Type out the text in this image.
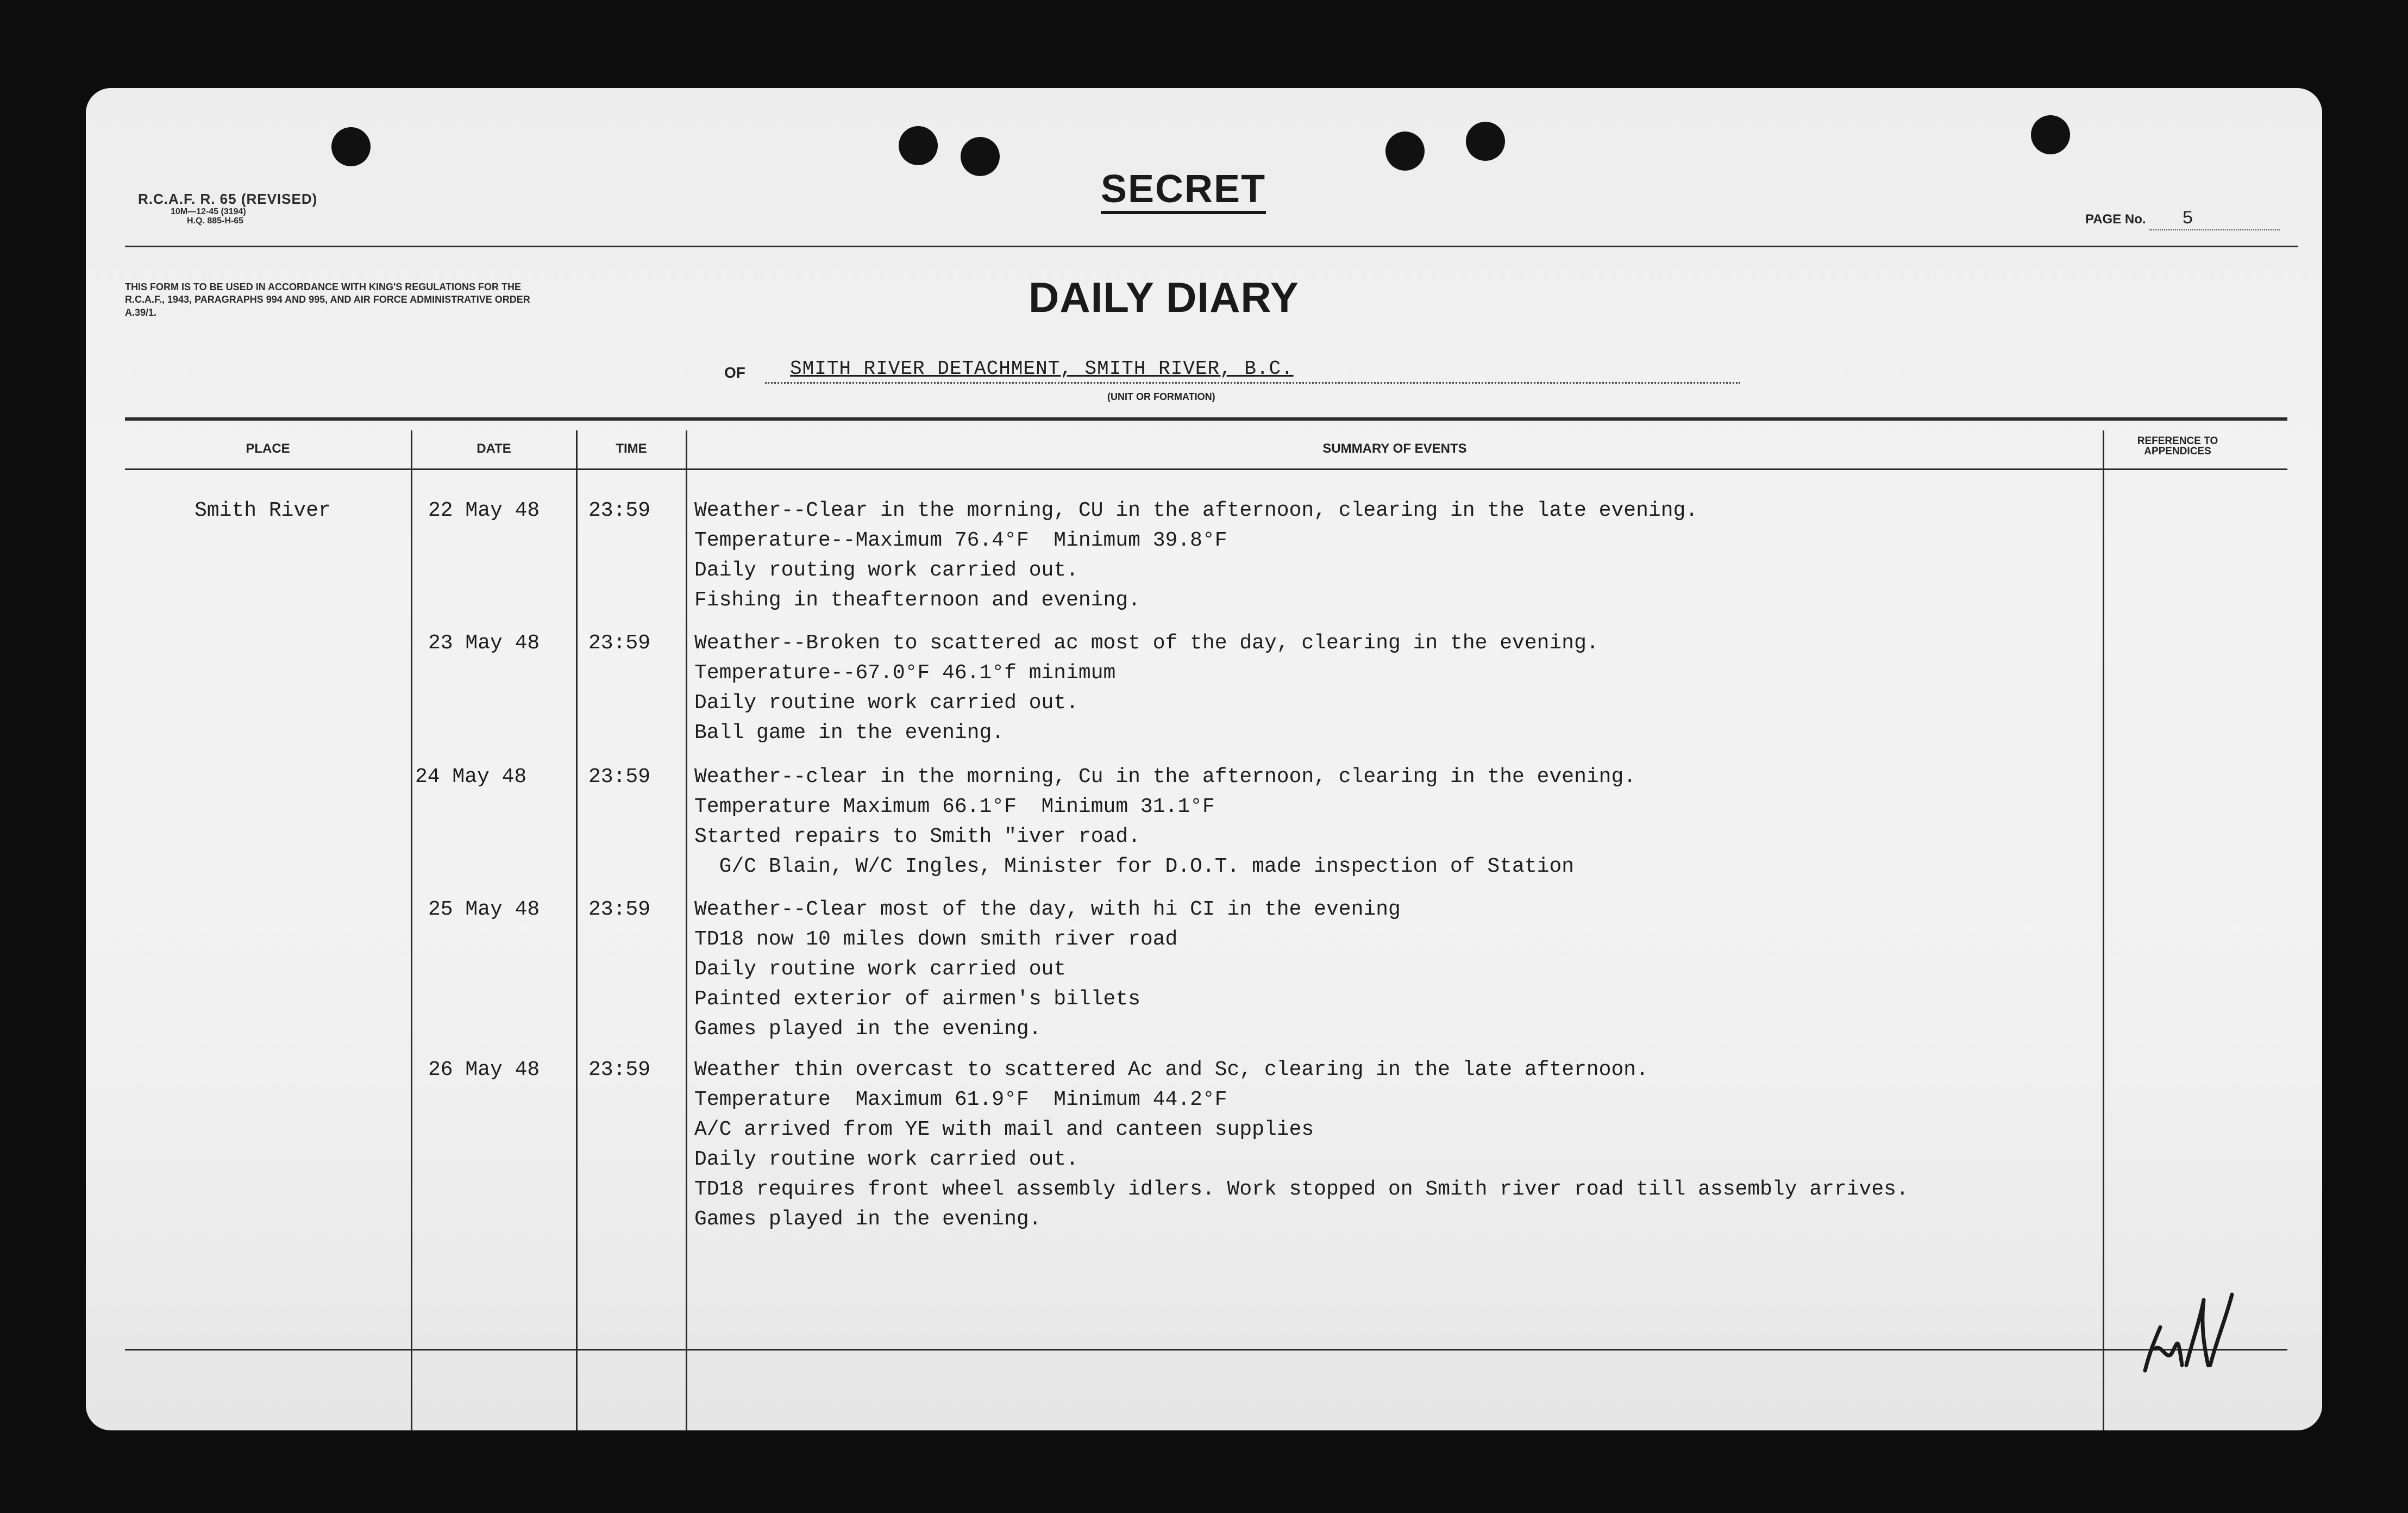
R.C.A.F. R. 65 (REVISED)
10M—12-45 (3194)
H.Q. 885-H-65
SECRET
PAGE No. 5
THIS FORM IS TO BE USED IN ACCORDANCE WITH KING'S REGULATIONS FOR THE R.C.A.F., 1943, PARAGRAPHS 994 AND 995, AND AIR FORCE ADMINISTRATIVE ORDER A.39/1.	DAILY DIARY
OF SMITH RIVER DETACHMENT, SMITH RIVER, B.C.
(UNIT OR FORMATION)
PLACE	DATE	TIME	SUMMARY OF EVENTS
REFERENCE TO APPENDICES
Smith River	22 May 48 23:59 Weather--Clear in the morning, CU in the afternoon, clearing in the late evening.
Temperature--Maximum 76.4°F  Minimum 39.8°F
Daily routing work carried out.
Fishing in theafternoon and evening.
23 May 48 23:59 Weather--Broken to scattered ac most of the day, clearing in the evening.
Temperature--67.0°F 46.1°f minimum
Daily routine work carried out.
Ball game in the evening.
24 May 48	23:59 Weather--clear in the morning, Cu in the afternoon, clearing in the evening.
Temperature Maximum 66.1°F  Minimum 31.1°F
Started repairs to Smith "iver road.
G/C Blain, W/C Ingles, Minister for D.O.T. made inspection of Station
25 May 48 23:59 Weather--Clear most of the day, with hi CI in the evening
TD18 now 10 miles down smith river road
Daily routine work carried out
Painted exterior of airmen's billets
Games played in the evening.
26 May 48 23:59 Weather thin overcast to scattered Ac and Sc, clearing in the late afternoon.
Temperature  Maximum 61.9°F  Minimum 44.2°F
A/C arrived from YE with mail and canteen supplies
Daily routine work carried out.
TD18 requires front wheel assembly idlers. Work stopped on Smith river road till assembly arrives.
Games played in the evening.
